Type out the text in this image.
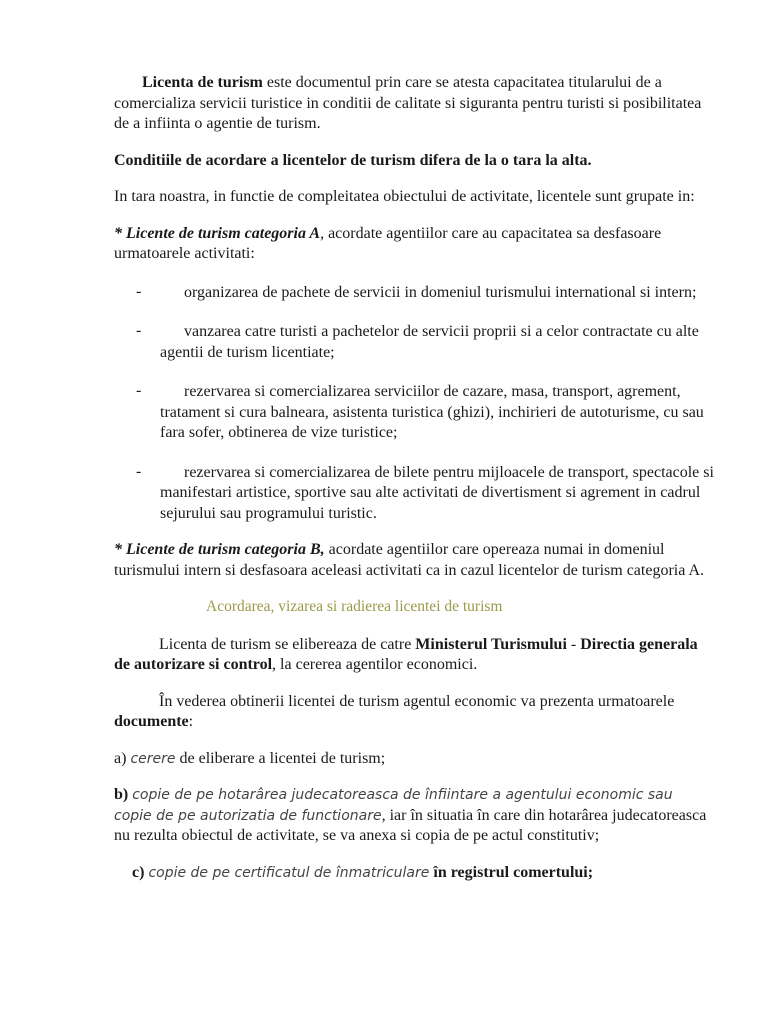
Licenta de turism este documentul prin care se atesta capacitatea titularului de a comercializa servicii turistice in conditii de calitate si siguranta pentru turisti si posibilitatea de a infiinta o agentie de turism.

Conditiile de acordare a licentelor de turism difera de la o tara la alta.

In tara noastra, in functie de compleitatea obiectului de activitate, licentele sunt grupate in:

* Licente de turism categoria A, acordate agentiilor care au capacitatea sa desfasoare urmatoarele activitati:

-	organizarea de pachete de servicii in domeniul turismului international si intern;

-	vanzarea catre turisti a pachetelor de servicii proprii si a celor contractate cu alte agentii de turism licentiate;

-	rezervarea si comercializarea serviciilor de cazare, masa, transport, agrement, tratament si cura balneara, asistenta turistica (ghizi), inchirieri de autoturisme, cu sau fara sofer, obtinerea de vize turistice;

-	rezervarea si comercializarea de bilete pentru mijloacele de transport, spectacole si manifestari artistice, sportive sau alte activitati de divertisment si agrement in cadrul sejurului sau programului turistic.

* Licente de turism categoria B, acordate agentiilor care opereaza numai in domeniul turismului intern si desfasoara aceleasi activitati ca in cazul licentelor de turism categoria A.

Acordarea, vizarea si radierea licentei de turism

Licenta de turism se elibereaza de catre Ministerul Turismului - Directia generala de autorizare si control, la cererea agentilor economici.

În vederea obtinerii licentei de turism agentul economic va prezenta urmatoarele documente:

a) cerere de eliberare a licentei de turism;

b) copie de pe hotarârea judecatoreasca de înfiintare a agentului economic sau copie de pe autorizatia de functionare, iar în situatia în care din hotarârea judecatoreasca nu rezulta obiectul de activitate, se va anexa si copia de pe actul constitutiv;

c) copie de pe certificatul de înmatriculare în registrul comertului;
